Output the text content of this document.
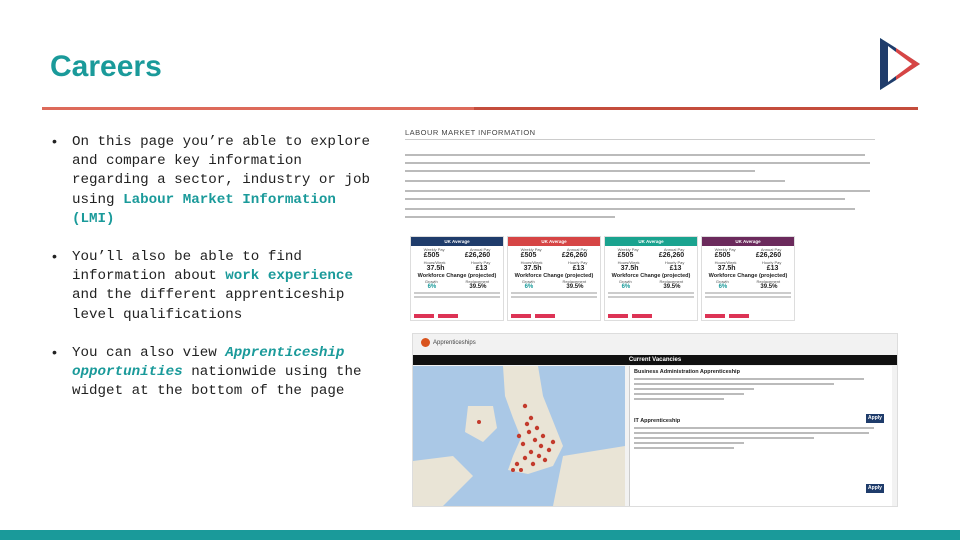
Careers
• On this page you’re able to explore and compare key information regarding a sector, industry or job using Labour Market Information (LMI)
• You’ll also be able to find information about work experience and the different apprenticeship level qualifications
• You can also view Apprenticeship opportunities nationwide using the widget at the bottom of the page
LABOUR MARKET INFORMATION
UK Average
Weekly Pay	Annual Pay
£505	£26,260
Hours/Week	Hourly Pay
37.5h	£13
Workforce Change (projected)
Growth	Replacement
6%	39.5%
UK Average
Weekly Pay	Annual Pay
£505	£26,260
Hours/Week	Hourly Pay
37.5h	£13
Workforce Change (projected)
Growth	Replacement
6%	39.5%
UK Average
Weekly Pay	Annual Pay
£505	£26,260
Hours/Week	Hourly Pay
37.5h	£13
Workforce Change (projected)
Growth	Replacement
6%	39.5%
UK Average
Weekly Pay	Annual Pay
£505	£26,260
Hours/Week	Hourly Pay
37.5h	£13
Workforce Change (projected)
Growth	Replacement
6%	39.5%
Apprenticeships
Current Vacancies
Business Administration Apprenticeship
Apply
IT Apprenticeship
Apply
